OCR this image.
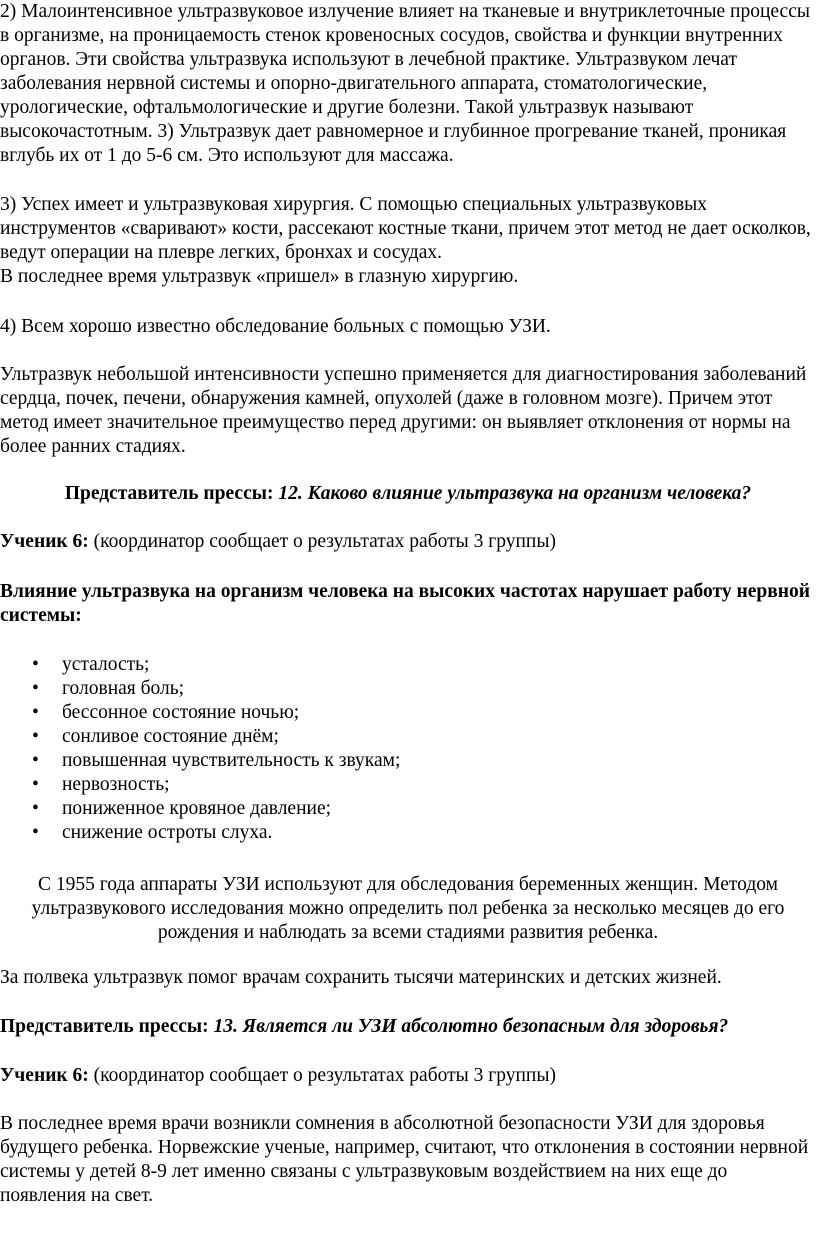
2) Малоинтенсивное ультразвуковое излучение влияет на тканевые и внутриклеточные процессы в организме, на проницаемость стенок кровеносных сосудов, свойства и функции внутренних органов. Эти свойства ультразвука используют в лечебной практике. Ультразвуком лечат заболевания нервной системы и опорно-двигательного аппарата, стоматологические, урологические, офтальмологические и другие болезни. Такой ультразвук называют высокочастотным. 3) Ультразвук дает равномерное и глубинное прогревание тканей, проникая вглубь их от 1 до 5-6 см. Это используют для массажа.

3) Успех имеет и ультразвуковая хирургия. С помощью специальных ультразвуковых инструментов «сваривают» кости, рассекают костные ткани, причем этот метод не дает осколков, ведут операции на плевре легких, бронхах и сосудах.
В последнее время ультразвук «пришел» в глазную хирургию.

4) Всем хорошо известно обследование больных с помощью УЗИ.

Ультразвук небольшой интенсивности успешно применяется для диагностирования заболеваний сердца, почек, печени, обнаружения камней, опухолей (даже в головном мозге). Причем этот метод имеет значительное преимущество перед другими: он выявляет отклонения от нормы на более ранних стадиях.

Представитель прессы: 12. Каково влияние ультразвука на организм человека?

Ученик 6: (координатор сообщает о результатах работы 3 группы)

Влияние ультразвука на организм человека на высоких частотах нарушает работу нервной системы:

• усталость;
• головная боль;
• бессонное состояние ночью;
• сонливое состояние днём;
• повышенная чувствительность к звукам;
• нервозность;
• пониженное кровяное давление;
• снижение остроты слуха.

С 1955 года аппараты УЗИ используют для обследования беременных женщин. Методом ультразвукового исследования можно определить пол ребенка за несколько месяцев до его рождения и наблюдать за всеми стадиями развития ребенка.

За полвека ультразвук помог врачам сохранить тысячи материнских и детских жизней.

Представитель прессы: 13. Является ли УЗИ абсолютно безопасным для здоровья?

Ученик 6: (координатор сообщает о результатах работы 3 группы)

В последнее время врачи возникли сомнения в абсолютной безопасности УЗИ для здоровья будущего ребенка. Норвежские ученые, например, считают, что отклонения в состоянии нервной системы у детей 8-9 лет именно связаны с ультразвуковым воздействием на них еще до появления на свет.
